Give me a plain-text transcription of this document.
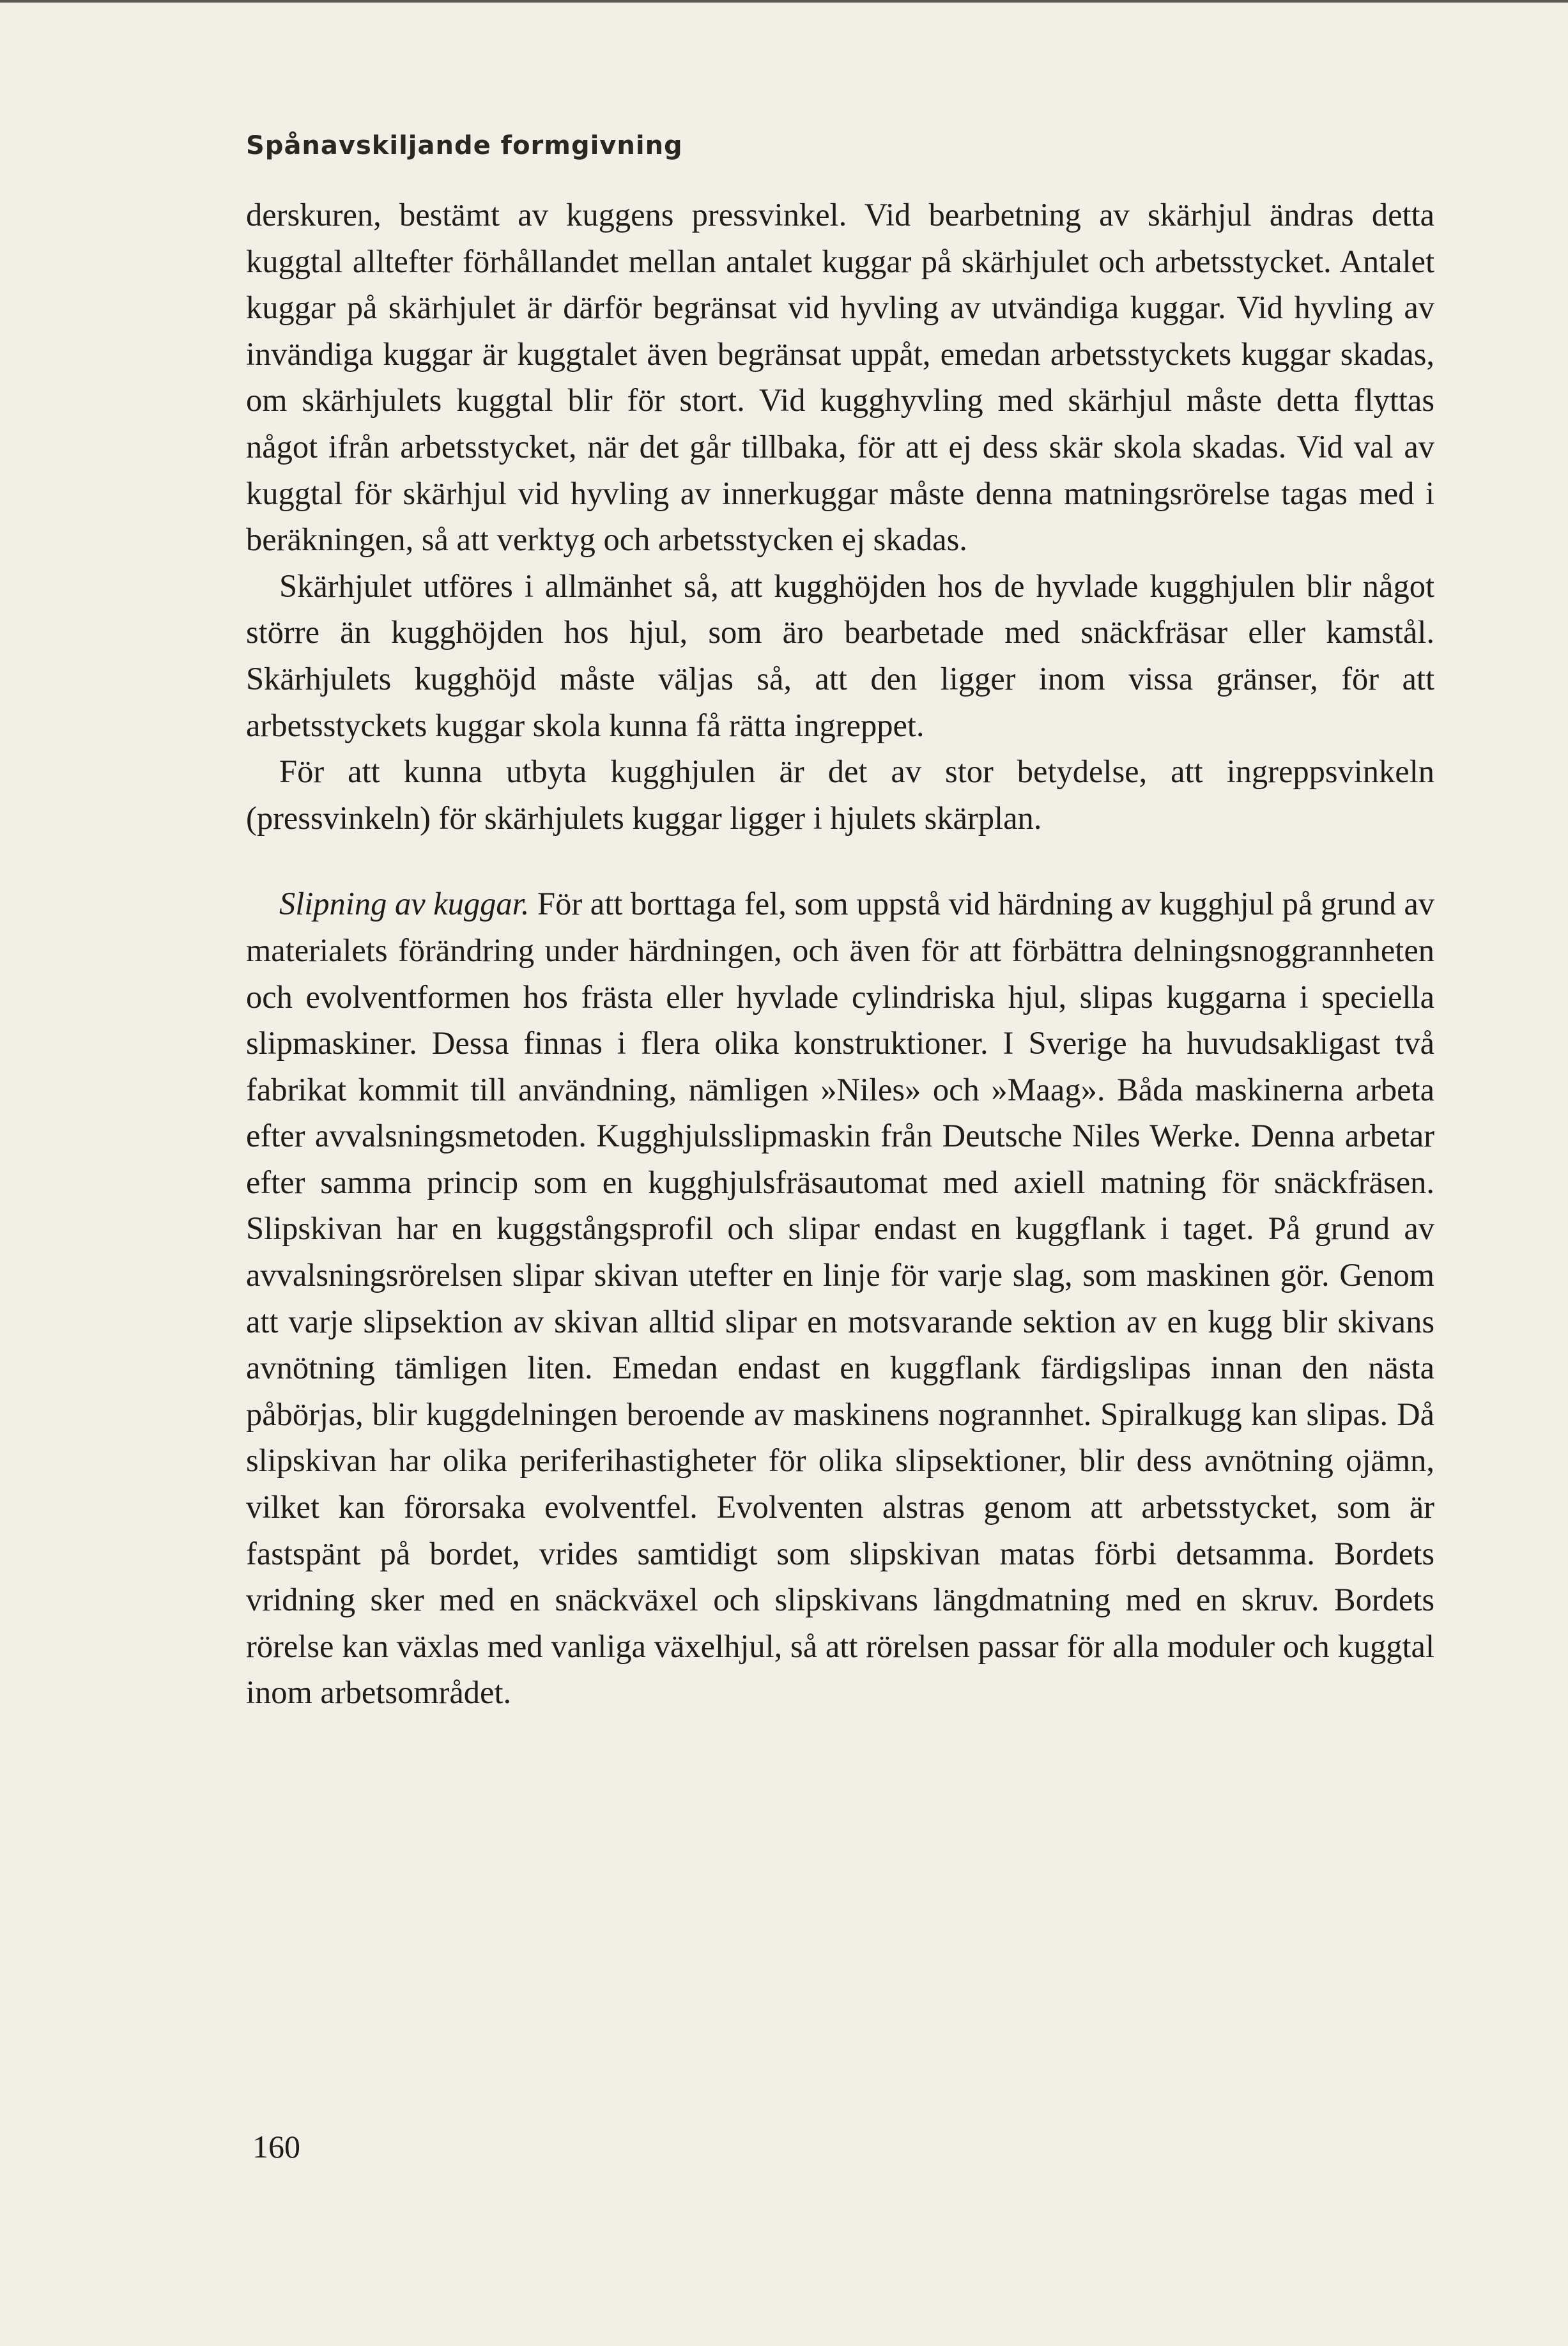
Spånavskiljande formgivning

derskuren, bestämt av kuggens pressvinkel. Vid bearbetning av skärhjul ändras detta kuggtal alltefter förhållandet mellan antalet kuggar på skärhjulet och arbetsstycket. Antalet kuggar på skärhjulet är därför begränsat vid hyvling av utvändiga kuggar. Vid hyvling av invändiga kuggar är kuggtalet även begränsat uppåt, emedan arbetsstyckets kuggar skadas, om skärhjulets kuggtal blir för stort. Vid kugghyvling med skärhjul måste detta flyttas något ifrån arbetsstycket, när det går tillbaka, för att ej dess skär skola skadas. Vid val av kuggtal för skärhjul vid hyvling av innerkuggar måste denna matningsrörelse tagas med i beräkningen, så att verktyg och arbetsstycken ej skadas.

Skärhjulet utföres i allmänhet så, att kugghöjden hos de hyvlade kugghjulen blir något större än kugghöjden hos hjul, som äro bearbetade med snäckfräsar eller kamstål. Skärhjulets kugghöjd måste väljas så, att den ligger inom vissa gränser, för att arbetsstyckets kuggar skola kunna få rätta ingreppet.

För att kunna utbyta kugghjulen är det av stor betydelse, att ingreppsvinkeln (pressvinkeln) för skärhjulets kuggar ligger i hjulets skärplan.

Slipning av kuggar. För att borttaga fel, som uppstå vid härdning av kugghjul på grund av materialets förändring under härdningen, och även för att förbättra delningsnoggrannheten och evolventformen hos frästa eller hyvlade cylindriska hjul, slipas kuggarna i speciella slipmaskiner. Dessa finnas i flera olika konstruktioner. I Sverige ha huvudsakligast två fabrikat kommit till användning, nämligen »Niles» och »Maag». Båda maskinerna arbeta efter avvalsningsmetoden. Kugghjulsslipmaskin från Deutsche Niles Werke. Denna arbetar efter samma princip som en kugghjulsfräsautomat med axiell matning för snäckfräsen. Slipskivan har en kuggstångsprofil och slipar endast en kuggflank i taget. På grund av avvalsningsrörelsen slipar skivan utefter en linje för varje slag, som maskinen gör. Genom att varje slipsektion av skivan alltid slipar en motsvarande sektion av en kugg blir skivans avnötning tämligen liten. Emedan endast en kuggflank färdigslipas innan den nästa påbörjas, blir kuggdelningen beroende av maskinens nogrannhet. Spiralkugg kan slipas. Då slipskivan har olika periferihastigheter för olika slipsektioner, blir dess avnötning ojämn, vilket kan förorsaka evolventfel. Evolventen alstras genom att arbetsstycket, som är fastspänt på bordet, vrides samtidigt som slipskivan matas förbi detsamma. Bordets vridning sker med en snäckväxel och slipskivans längdmatning med en skruv. Bordets rörelse kan växlas med vanliga växelhjul, så att rörelsen passar för alla moduler och kuggtal inom arbetsområdet.

160
